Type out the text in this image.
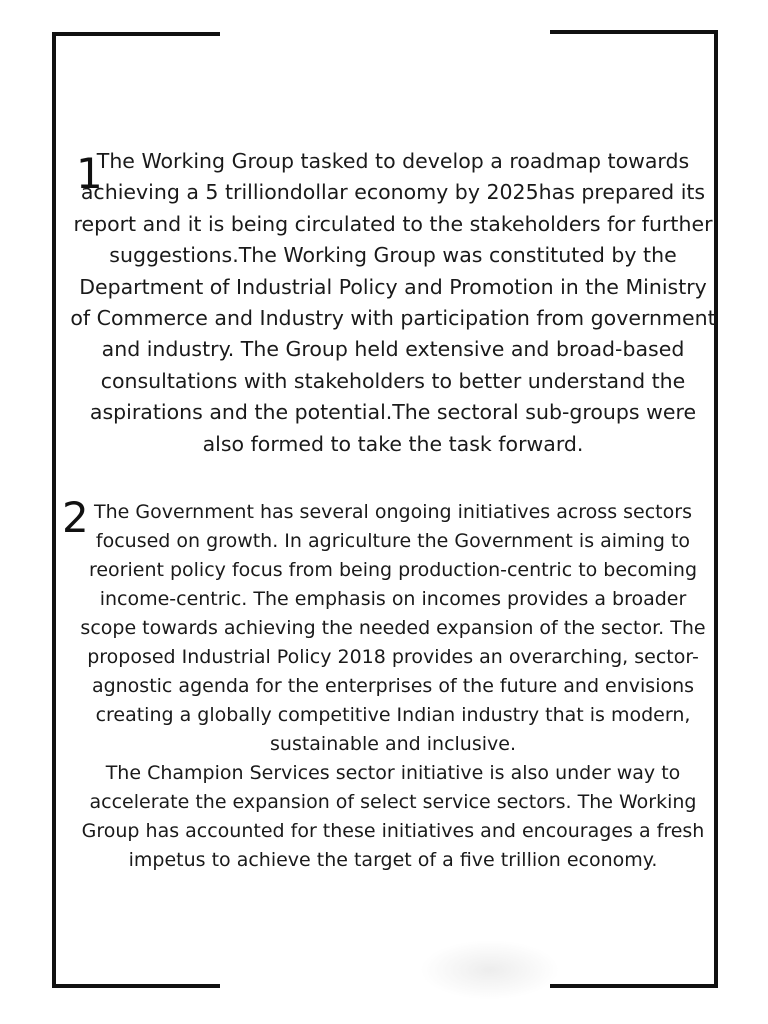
1

The Working Group tasked to develop a roadmap towards achieving a 5 trilliondollar economy by 2025has prepared its report and it is being circulated to the stakeholders for further suggestions.The Working Group was constituted by the Department of Industrial Policy and Promotion in the Ministry of Commerce and Industry with participation from government and industry. The Group held extensive and broad-based consultations with stakeholders to better understand the aspirations and the potential.The sectoral sub-groups were also formed to take the task forward.

2 The Government has several ongoing initiatives across sectors focused on growth. In agriculture the Government is aiming to reorient policy focus from being production-centric to becoming income-centric. The emphasis on incomes provides a broader scope towards achieving the needed expansion of the sector. The proposed Industrial Policy 2018 provides an overarching, sector-agnostic agenda for the enterprises of the future and envisions creating a globally competitive Indian industry that is modern, sustainable and inclusive.

The Champion Services sector initiative is also under way to accelerate the expansion of select service sectors. The Working Group has accounted for these initiatives and encourages a fresh impetus to achieve the target of a five trillion economy.
